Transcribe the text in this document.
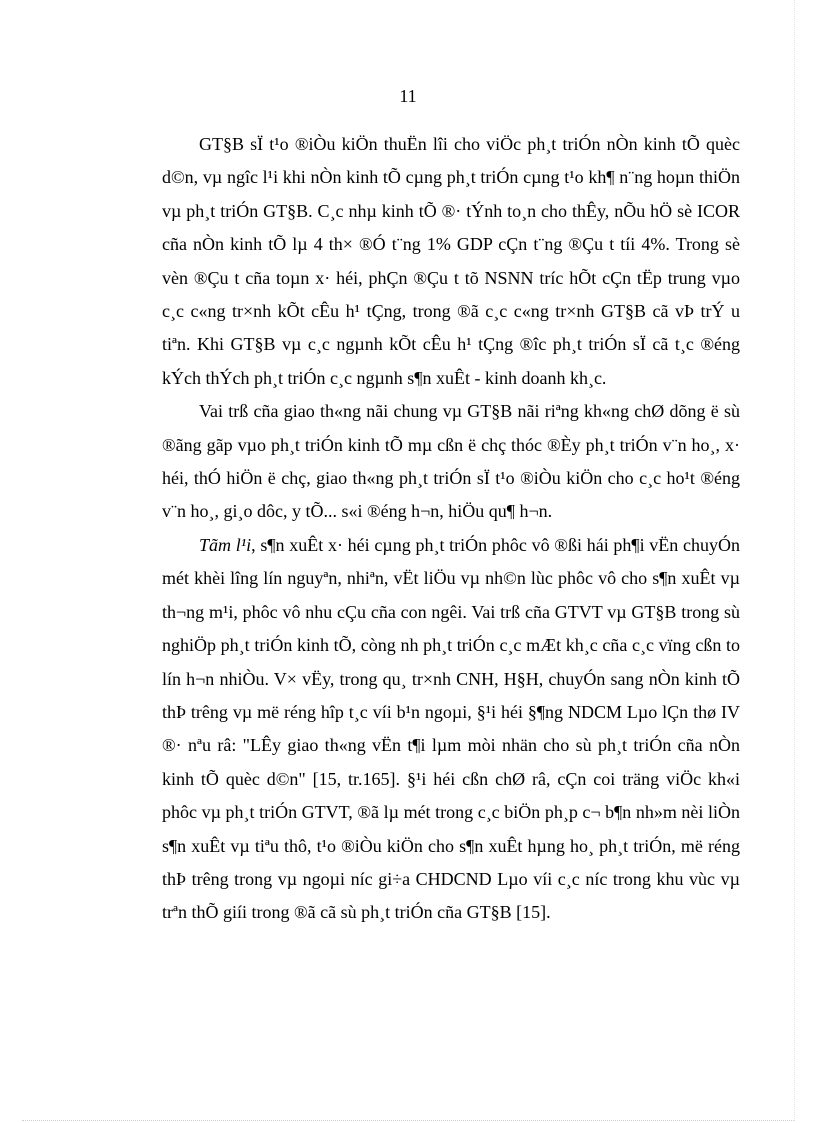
11

GT§B sÏ t¹o ®iÒu kiÖn thuËn lîi cho viÖc ph¸t triÓn nÒn kinh tÕ quèc d©n, vµ ngîc l¹i khi nÒn kinh tÕ cµng ph¸t triÓn cµng t¹o kh¶ n¨ng hoµn thiÖn vµ ph¸t triÓn GT§B. C¸c nhµ kinh tÕ ®· tÝnh to¸n cho thÊy, nÕu hÖ sè ICOR cña nÒn kinh tÕ lµ 4 th× ®Ó t¨ng 1% GDP cÇn t¨ng ®Çu t tíi 4%. Trong sè vèn ®Çu t cña toµn x· héi, phÇn ®Çu t tõ NSNN tríc hÕt cÇn tËp trung vµo c¸c c«ng tr×nh kÕt cÊu h¹ tÇng, trong ®ã c¸c c«ng tr×nh GT§B cã vÞ trÝ u tiªn. Khi GT§B vµ c¸c ngµnh kÕt cÊu h¹ tÇng ®îc ph¸t triÓn sÏ cã t¸c ®éng kÝch thÝch ph¸t triÓn c¸c ngµnh s¶n xuÊt - kinh doanh kh¸c.

Vai trß cña giao th«ng nãi chung vµ GT§B nãi riªng kh«ng chØ dõng ë sù ®ãng gãp vµo ph¸t triÓn kinh tÕ mµ cßn ë chç thóc ®Èy ph¸t triÓn v¨n ho¸, x· héi, thÓ hiÖn ë chç, giao th«ng ph¸t triÓn sÏ t¹o ®iÒu kiÖn cho c¸c ho¹t ®éng v¨n ho¸, gi¸o dôc, y tÕ... s«i ®éng h¬n, hiÖu qu¶ h¬n.

Tãm l¹i, s¶n xuÊt x· héi cµng ph¸t triÓn phôc vô ®ßi hái ph¶i vËn chuyÓn mét khèi lîng lín nguyªn, nhiªn, vËt liÖu vµ nh©n lùc phôc vô cho s¶n xuÊt vµ th¬ng m¹i, phôc vô nhu cÇu cña con ngêi. Vai trß cña GTVT vµ GT§B trong sù nghiÖp ph¸t triÓn kinh tÕ, còng nh ph¸t triÓn c¸c mÆt kh¸c cña c¸c vïng cßn to lín h¬n nhiÒu. V× vËy, trong qu¸ tr×nh CNH, H§H, chuyÓn sang nÒn kinh tÕ thÞ trêng vµ më réng hîp t¸c víi b¹n ngoµi, §¹i héi §¶ng NDCM Lµo lÇn thø IV ®· nªu râ: "LÊy giao th«ng vËn t¶i lµm mòi nhän cho sù ph¸t triÓn cña nÒn kinh tÕ quèc d©n" [15, tr.165]. §¹i héi cßn chØ râ, cÇn coi träng viÖc kh«i phôc vµ ph¸t triÓn GTVT, ®ã lµ mét trong c¸c biÖn ph¸p c¬ b¶n nh»m nèi liÒn s¶n xuÊt vµ tiªu thô, t¹o ®iÒu kiÖn cho s¶n xuÊt hµng ho¸ ph¸t triÓn, më réng thÞ trêng trong vµ ngoµi níc gi÷a CHDCND Lµo víi c¸c níc trong khu vùc vµ trªn thÕ giíi trong ®ã cã sù ph¸t triÓn cña GT§B [15].
